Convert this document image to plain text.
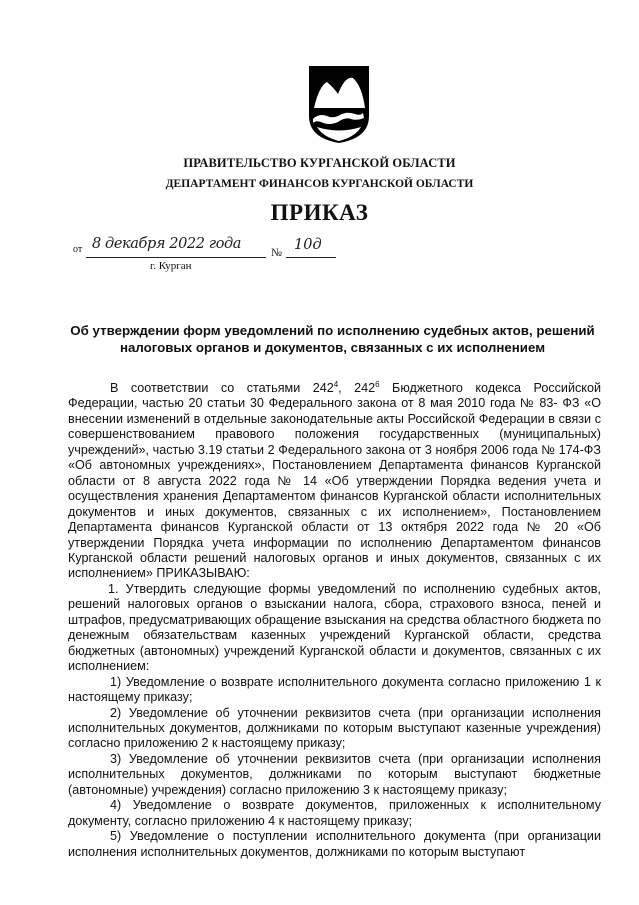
ПРАВИТЕЛЬСТВО КУРГАНСКОЙ ОБЛАСТИ
ДЕПАРТАМЕНТ ФИНАНСОВ КУРГАНСКОЙ ОБЛАСТИ
ПРИКАЗ
от 8 декабря 2022 года
№ 10д
г. Курган
Об утверждении форм уведомлений по исполнению судебных актов, решений налоговых органов и документов, связанных с их исполнением

В соответствии со статьями $242^4$, $242^6$ Бюджетного кодекса Российской Федерации, частью 20 статьи 30 Федерального закона от 8 мая 2010 года № 83- ФЗ «О внесении изменений в отдельные законодательные акты Российской Федерации в связи с совершенствованием правового положения государственных (муниципальных) учреждений», частью 3.19 статьи 2 Федерального закона от 3 ноября 2006 года № 174-ФЗ «Об автономных учреждениях», Постановлением Департамента финансов Курганской области от 8 августа 2022 года № 14 «Об утверждении Порядка ведения учета и осуществления хранения Департаментом финансов Курганской области исполнительных документов и иных документов, связанных с их исполнением», Постановлением Департамента финансов Курганской области от 13 октября 2022 года № 20 «Об утверждении Порядка учета информации по исполнению Департаментом финансов Курганской области решений налоговых органов и иных документов, связанных с их исполнением» ПРИКАЗЫВАЮ:

1. Утвердить следующие формы уведомлений по исполнению судебных актов, решений налоговых органов о взыскании налога, сбора, страхового взноса, пеней и штрафов, предусматривающих обращение взыскания на средства областного бюджета по денежным обязательствам казенных учреждений Курганской области, средства бюджетных (автономных) учреждений Курганской области и документов, связанных с их исполнением:

1) Уведомление о возврате исполнительного документа согласно приложению 1 к настоящему приказу;

2) Уведомление об уточнении реквизитов счета (при организации исполнения исполнительных документов, должниками по которым выступают казенные учреждения) согласно приложению 2 к настоящему приказу;

3) Уведомление об уточнении реквизитов счета (при организации исполнения исполнительных документов, должниками по которым выступают бюджетные (автономные) учреждения) согласно приложению 3 к настоящему приказу;

4) Уведомление о возврате документов, приложенных к исполнительному документу, согласно приложению 4 к настоящему приказу;

5) Уведомление о поступлении исполнительного документа (при организации исполнения исполнительных документов, должниками по которым выступают
